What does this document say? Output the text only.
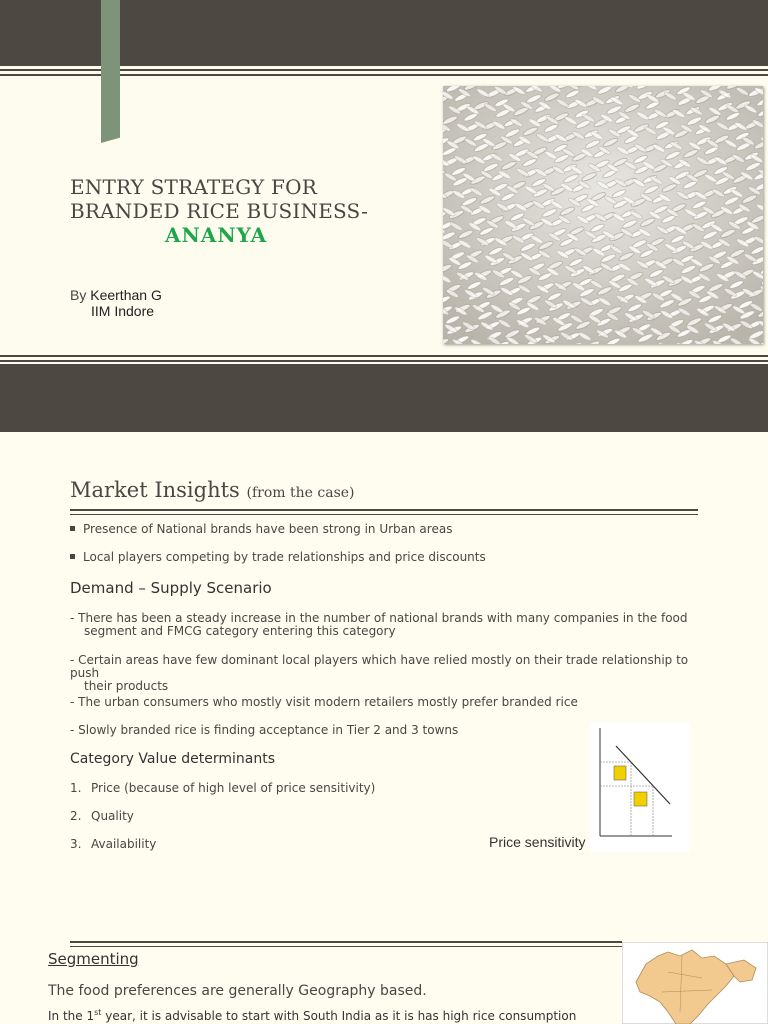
ENTRY STRATEGY FOR
BRANDED RICE BUSINESS-
ANANYA
By Keerthan G
IIM Indore
Market Insights (from the case)
Presence of National brands have been strong in Urban areas
Local players competing by trade relationships and price discounts
Demand – Supply Scenario
- There has been a steady increase in the number of national brands with many companies in the food
segment and FMCG category entering this category
- Certain areas have few dominant local players which have relied mostly on their trade relationship to push
their products
- The urban consumers who mostly visit modern retailers mostly prefer branded rice
- Slowly branded rice is finding acceptance in Tier 2 and 3 towns
Category Value determinants
1. Price (because of high level of price sensitivity)
2. Quality
3. Availability	Price sensitivity
Segmenting
The food preferences are generally Geography based.
In the 1st year, it is advisable to start with South India as it is has high rice consumption
